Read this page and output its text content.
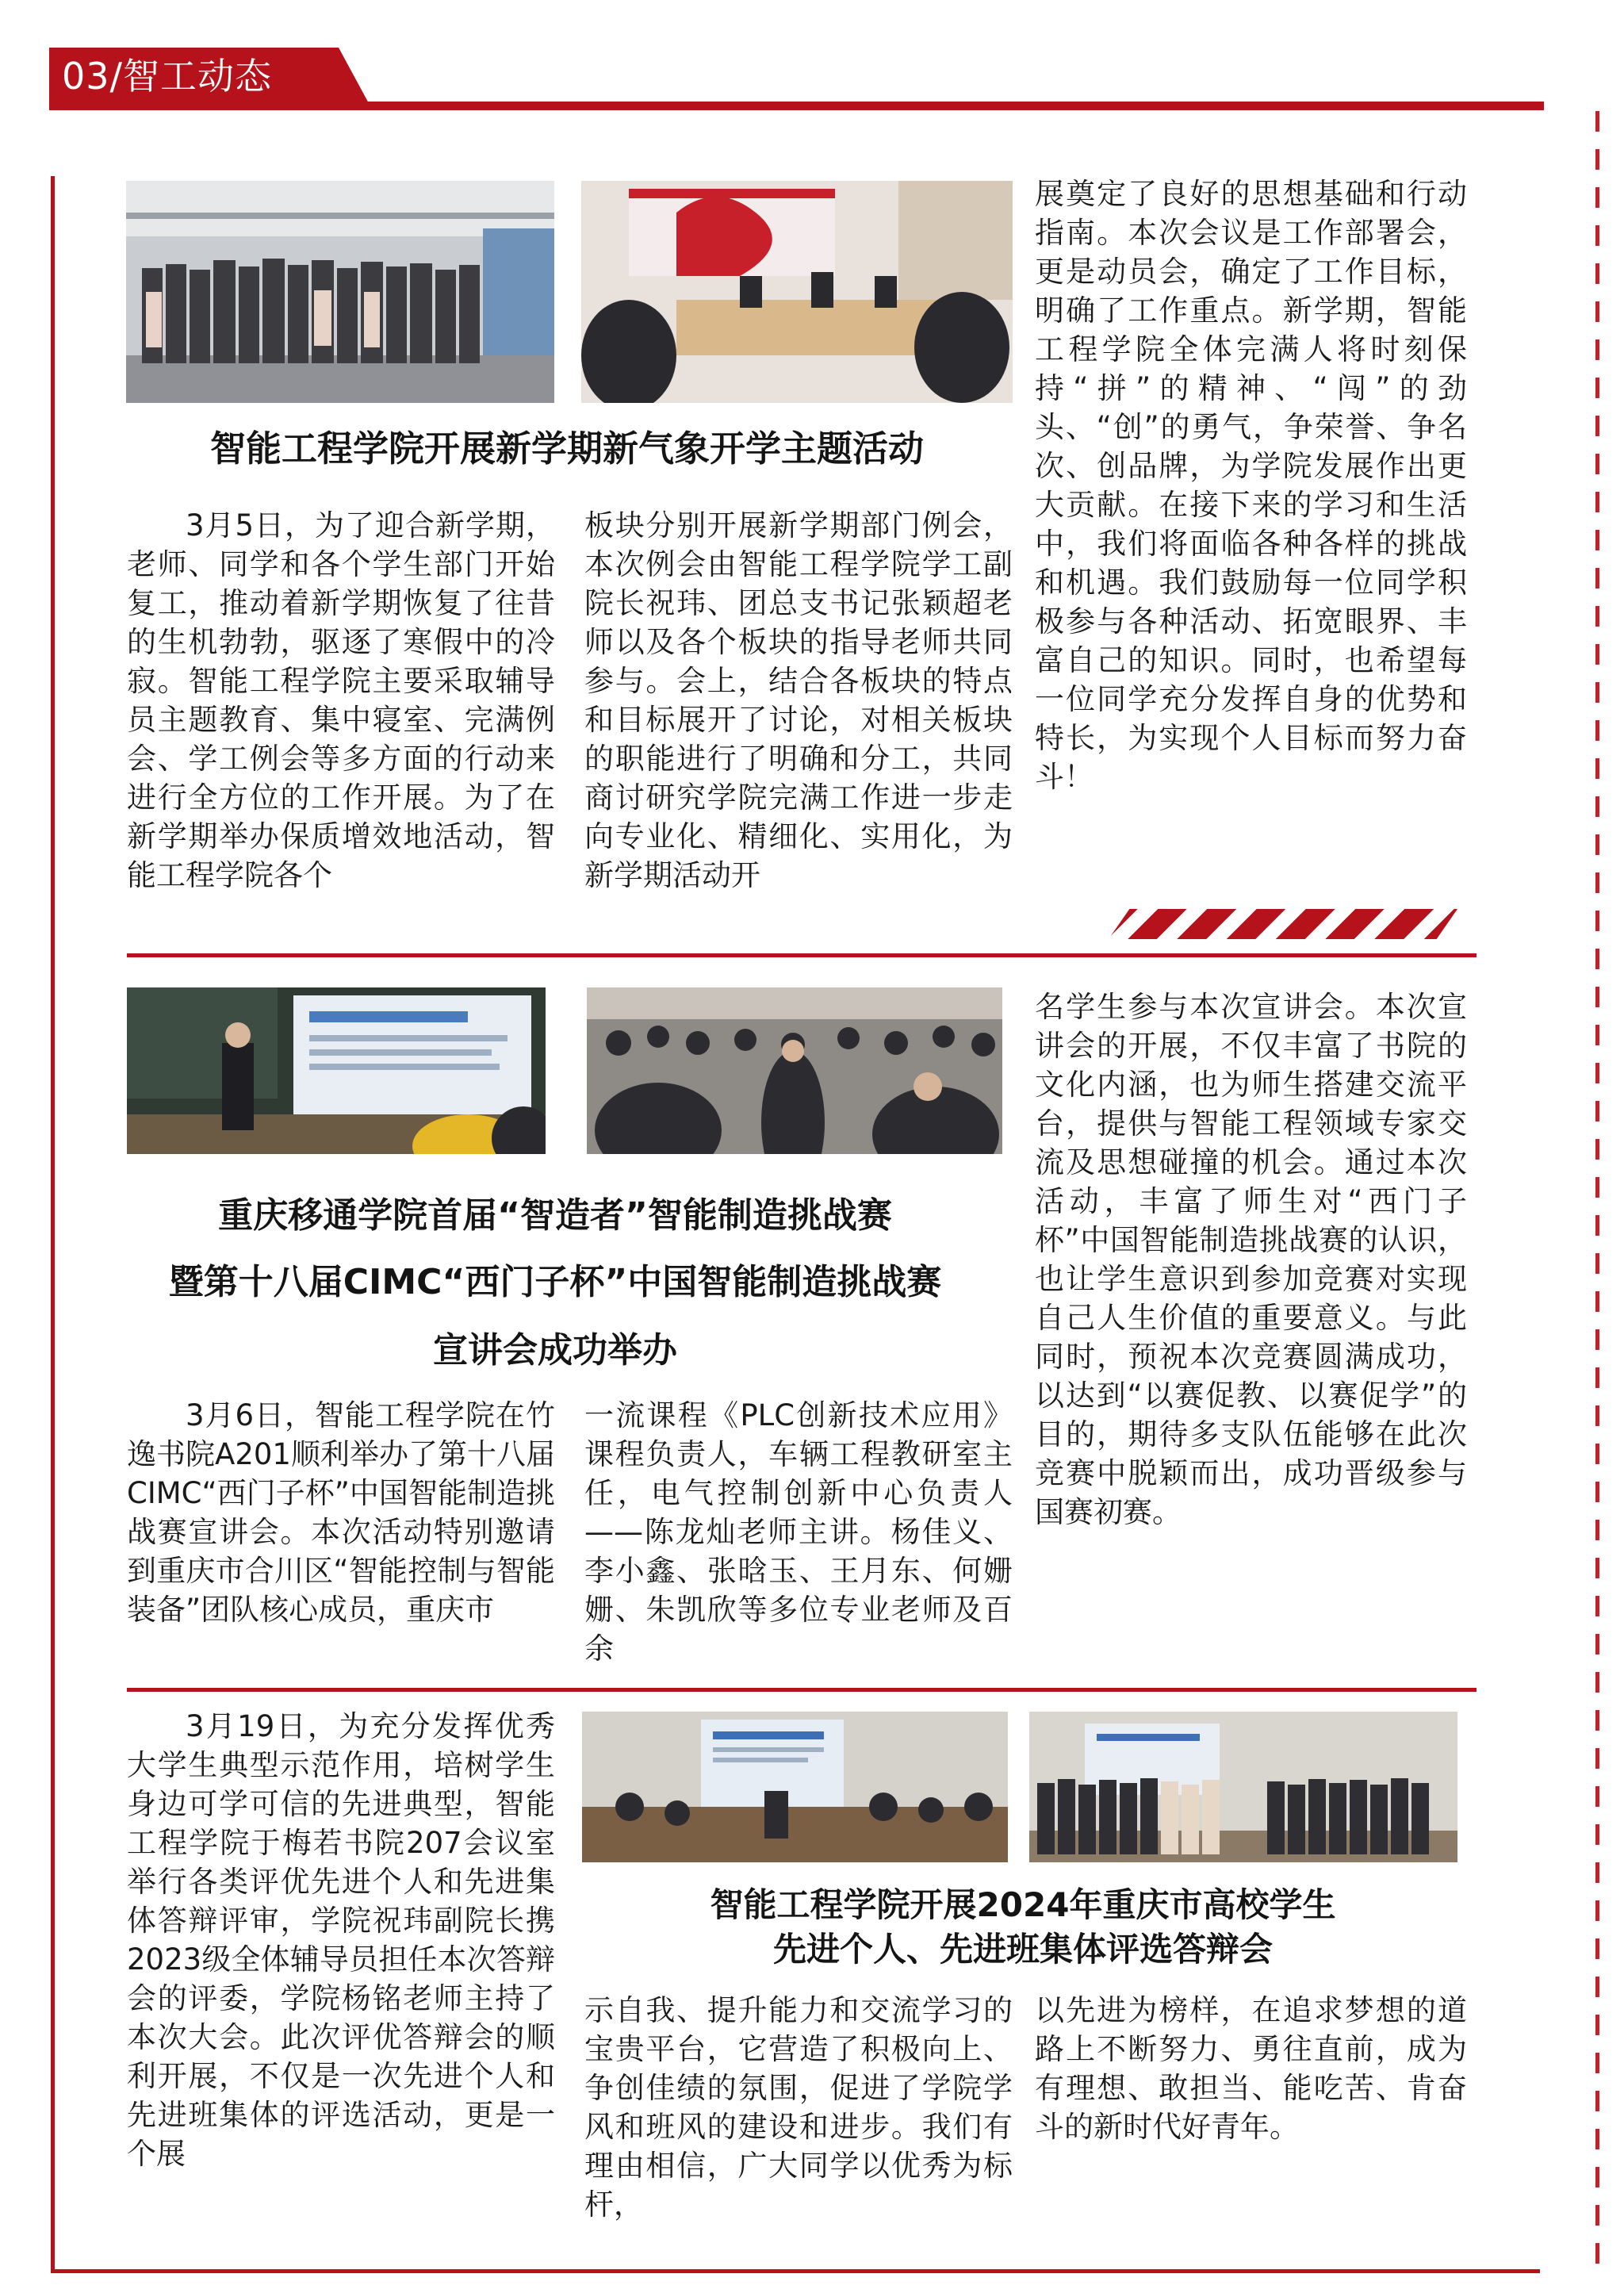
03/智工动态
智能工程学院开展新学期新气象开学主题活动
3月5日，为了迎合新学期，老师、同学和各个学生部门开始复工，推动着新学期恢复了往昔的生机勃勃，驱逐了寒假中的冷寂。智能工程学院主要采取辅导员主题教育、集中寝室、完满例会、学工例会等多方面的行动来进行全方位的工作开展。为了在新学期举办保质增效地活动，智能工程学院各个
板块分别开展新学期部门例会，本次例会由智能工程学院学工副院长祝玮、团总支书记张颖超老师以及各个板块的指导老师共同参与。会上，结合各板块的特点和目标展开了讨论，对相关板块的职能进行了明确和分工，共同商讨研究学院完满工作进一步走向专业化、精细化、实用化，为新学期活动开
展奠定了良好的思想基础和行动指南。本次会议是工作部署会，更是动员会，确定了工作目标，明确了工作重点。新学期，智能工程学院全体完满人将时刻保持“拼”的精神、“闯”的劲头、“创”的勇气，争荣誉、争名次、创品牌，为学院发展作出更大贡献。在接下来的学习和生活中，我们将面临各种各样的挑战和机遇。我们鼓励每一位同学积极参与各种活动、拓宽眼界、丰富自己的知识。同时，也希望每一位同学充分发挥自身的优势和特长，为实现个人目标而努力奋斗！
重庆移通学院首届“智造者”智能制造挑战赛
暨第十八届CIMC“西门子杯”中国智能制造挑战赛
宣讲会成功举办
3月6日，智能工程学院在竹逸书院A201顺利举办了第十八届CIMC“西门子杯”中国智能制造挑战赛宣讲会。本次活动特别邀请到重庆市合川区“智能控制与智能装备”团队核心成员，重庆市
一流课程《PLC创新技术应用》课程负责人，车辆工程教研室主任，电气控制创新中心负责人——陈龙灿老师主讲。杨佳义、李小鑫、张晗玉、王月东、何姗姗、朱凯欣等多位专业老师及百余
名学生参与本次宣讲会。本次宣讲会的开展，不仅丰富了书院的文化内涵，也为师生搭建交流平台，提供与智能工程领域专家交流及思想碰撞的机会。通过本次活动，丰富了师生对“西门子杯”中国智能制造挑战赛的认识，也让学生意识到参加竞赛对实现自己人生价值的重要意义。与此同时，预祝本次竞赛圆满成功，以达到“以赛促教、以赛促学”的目的，期待多支队伍能够在此次竞赛中脱颖而出，成功晋级参与国赛初赛。
3月19日，为充分发挥优秀大学生典型示范作用，培树学生身边可学可信的先进典型，智能工程学院于梅若书院207会议室举行各类评优先进个人和先进集体答辩评审，学院祝玮副院长携2023级全体辅导员担任本次答辩会的评委，学院杨铭老师主持了本次大会。此次评优答辩会的顺利开展，不仅是一次先进个人和先进班集体的评选活动，更是一个展
智能工程学院开展2024年重庆市高校学生
先进个人、先进班集体评选答辩会
示自我、提升能力和交流学习的宝贵平台，它营造了积极向上、争创佳绩的氛围，促进了学院学风和班风的建设和进步。我们有理由相信，广大同学以优秀为标杆，
以先进为榜样，在追求梦想的道路上不断努力、勇往直前，成为有理想、敢担当、能吃苦、肯奋斗的新时代好青年。
